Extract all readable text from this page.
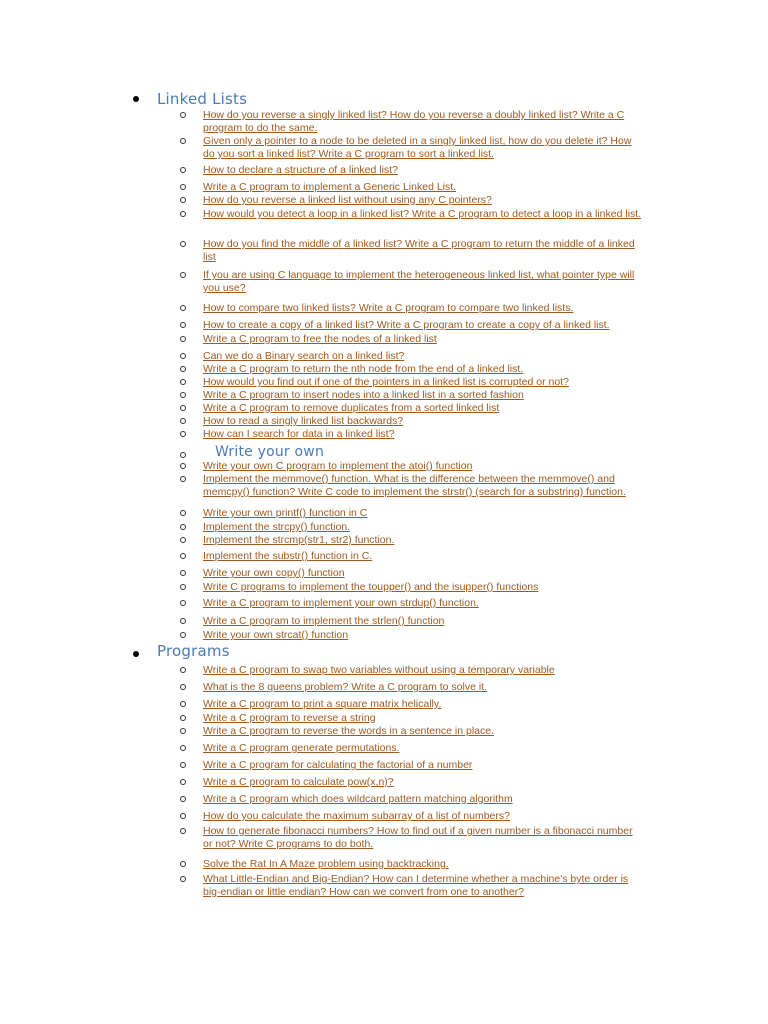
Linked Lists
Write your own
Programs
How do you reverse a singly linked list? How do you reverse a doubly linked list? Write a C
program to do the same.
Given only a pointer to a node to be deleted in a singly linked list, how do you delete it? How
do you sort a linked list? Write a C program to sort a linked list.
How to declare a structure of a linked list?
Write a C program to implement a Generic Linked List.
How do you reverse a linked list without using any C pointers?
How would you detect a loop in a linked list? Write a C program to detect a loop in a linked list.
How do you find the middle of a linked list? Write a C program to return the middle of a linked
list
If you are using C language to implement the heterogeneous linked list, what pointer type will
you use?
How to compare two linked lists? Write a C program to compare two linked lists.
How to create a copy of a linked list? Write a C program to create a copy of a linked list.
Write a C program to free the nodes of a linked list
Can we do a Binary search on a linked list?
Write a C program to return the nth node from the end of a linked list.
How would you find out if one of the pointers in a linked list is corrupted or not?
Write a C program to insert nodes into a linked list in a sorted fashion
Write a C program to remove duplicates from a sorted linked list
How to read a singly linked list backwards?
How can I search for data in a linked list?
Write your own C program to implement the atoi() function
Implement the memmove() function. What is the difference between the memmove() and
memcpy() function? Write C code to implement the strstr() (search for a substring) function.
Write your own printf() function in C
Implement the strcpy() function.
Implement the strcmp(str1, str2) function.
Implement the substr() function in C.
Write your own copy() function
Write C programs to implement the toupper() and the isupper() functions
Write a C program to implement your own strdup() function.
Write a C program to implement the strlen() function
Write your own strcat() function
Write a C program to swap two variables without using a temporary variable
What is the 8 queens problem? Write a C program to solve it.
Write a C program to print a square matrix helically.
Write a C program to reverse a string
Write a C program to reverse the words in a sentence in place.
Write a C program generate permutations.
Write a C program for calculating the factorial of a number
Write a C program to calculate pow(x,n)?
Write a C program which does wildcard pattern matching algorithm
How do you calculate the maximum subarray of a list of numbers?
How to generate fibonacci numbers? How to find out if a given number is a fibonacci number
or not? Write C programs to do both.
Solve the Rat In A Maze problem using backtracking.
What Little-Endian and Big-Endian? How can I determine whether a machine's byte order is
big-endian or little endian? How can we convert from one to another?
